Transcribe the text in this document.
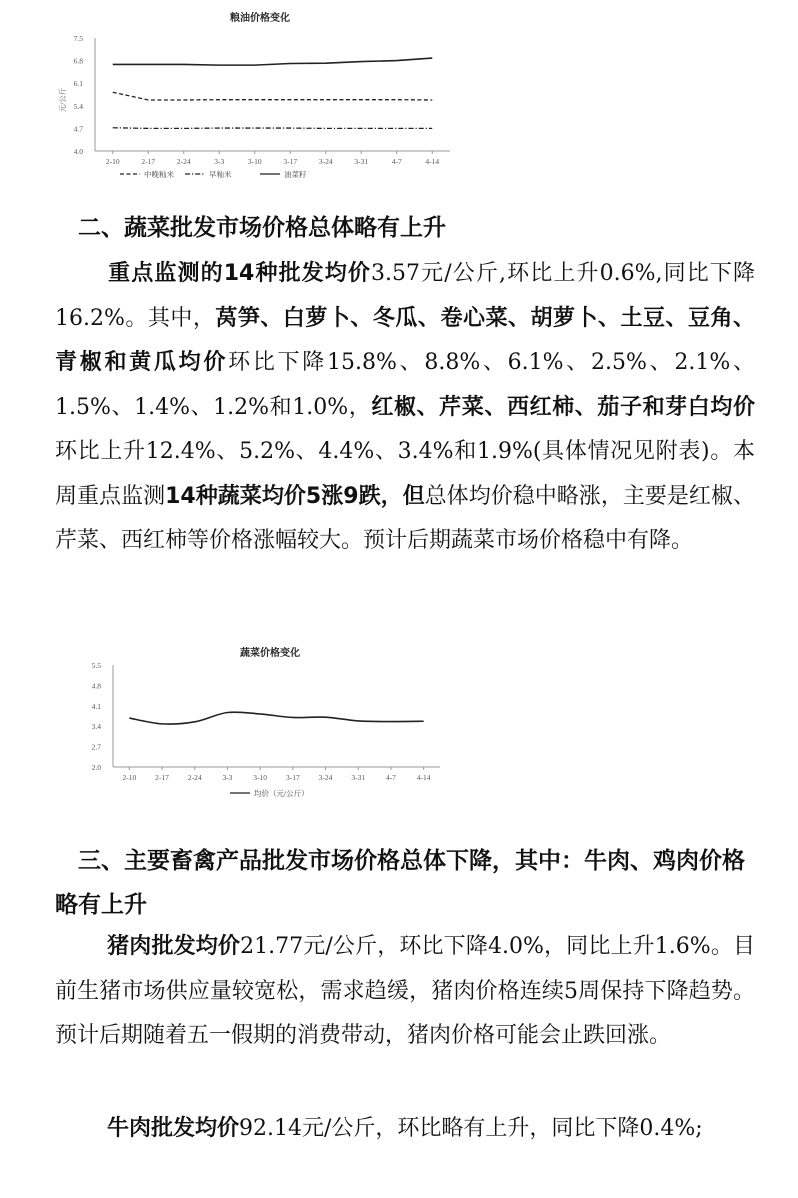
粮油价格变化
元/公斤
7.5
6.8
6.1
5.4
4.7
4.0
2-10	2-17	2-24	3-3	3-10	3-17	3-24	3-31	4-7	4-14
中晚籼米	早籼米	油菜籽
　二、蔬菜批发市场价格总体略有上升

重点监测的14种批发均价3.57元/公斤,环比上升0.6%,同比下降16.2%。其中，莴笋、白萝卜、冬瓜、卷心菜、胡萝卜、土豆、豆角、青椒和黄瓜均价环比下降15.8%、8.8%、6.1%、2.5%、2.1%、1.5%、1.4%、1.2%和1.0%，红椒、芹菜、西红柿、茄子和芽白均价环比上升12.4%、5.2%、4.4%、3.4%和1.9%(具体情况见附表)。本周重点监测14种蔬菜均价5涨9跌，但总体均价稳中略涨，主要是红椒、芹菜、西红柿等价格涨幅较大。预计后期蔬菜市场价格稳中有降。

蔬菜价格变化
5.5
4.8
4.1
3.4
2.7
2.0
2-10	2-17	2-24	3-3	3-10	3-17	3-24	3-31	4-7	4-14
均价（元/公斤）
　三、主要畜禽产品批发市场价格总体下降，其中：牛肉、鸡肉价格略有上升

猪肉批发均价21.77元/公斤，环比下降4.0%，同比上升1.6%。目前生猪市场供应量较宽松，需求趋缓，猪肉价格连续5周保持下降趋势。预计后期随着五一假期的消费带动，猪肉价格可能会止跌回涨。

牛肉批发均价92.14元/公斤，环比略有上升，同比下降0.4%;
